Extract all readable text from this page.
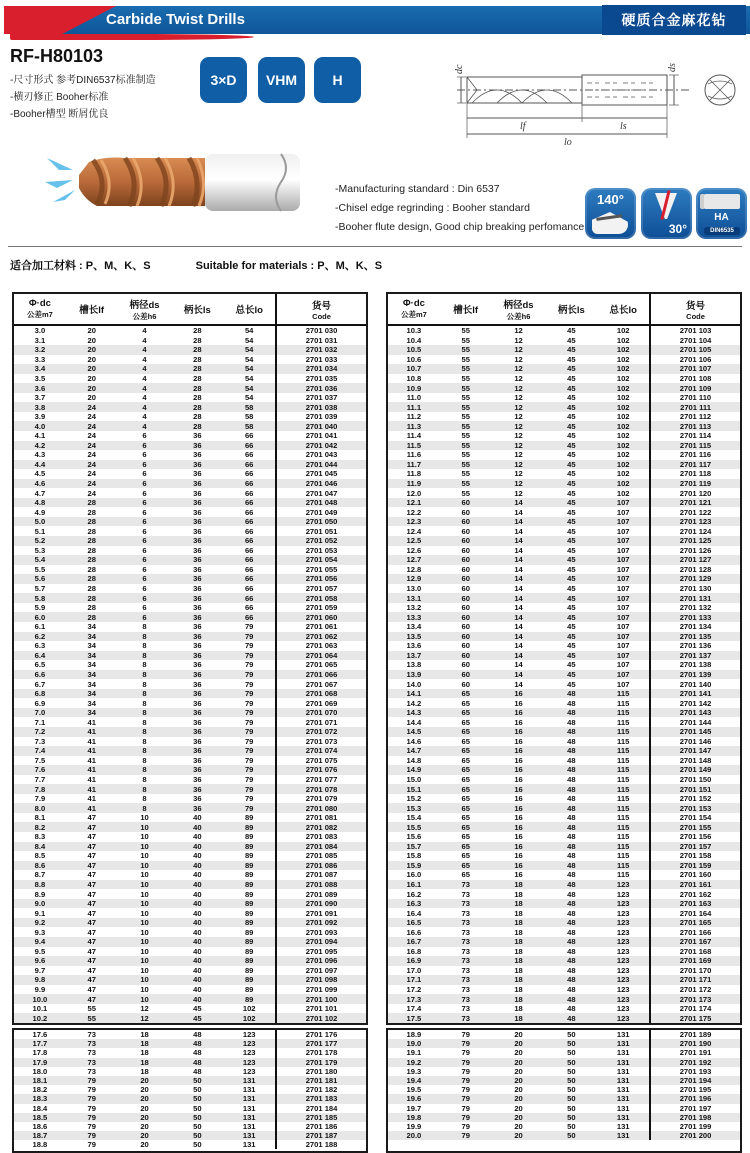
Carbide Twist Drills	硬质合金麻花钻
RF-H80103
-尺寸形式 参考DIN6537标准制造
-横刃修正 Booher标准
-Booher槽型 断屑优良
3×D	VHM	H
dc	ds
lf	ls
lo
-Manufacturing standard : Din 6537
-Chisel edge regrinding : Booher standard
-Booher flute design, Good chip breaking perfomance
140°
30°
HA
DIN6535
适合加工材料 : P、M、K、S	Suitable for materials : P、M、K、S
Φ·dc
公差m7	槽长lf	柄径ds
公差h6	柄长ls	总长lo	货号
Code
3.0	20	4	28	54	2701 030
3.1	20	4	28	54	2701 031
3.2	20	4	28	54	2701 032
3.3	20	4	28	54	2701 033
3.4	20	4	28	54	2701 034
3.5	20	4	28	54	2701 035
3.6	20	4	28	54	2701 036
3.7	20	4	28	54	2701 037
3.8	24	4	28	58	2701 038
3.9	24	4	28	58	2701 039
4.0	24	4	28	58	2701 040
4.1	24	6	36	66	2701 041
4.2	24	6	36	66	2701 042
4.3	24	6	36	66	2701 043
4.4	24	6	36	66	2701 044
4.5	24	6	36	66	2701 045
4.6	24	6	36	66	2701 046
4.7	24	6	36	66	2701 047
4.8	28	6	36	66	2701 048
4.9	28	6	36	66	2701 049
5.0	28	6	36	66	2701 050
5.1	28	6	36	66	2701 051
5.2	28	6	36	66	2701 052
5.3	28	6	36	66	2701 053
5.4	28	6	36	66	2701 054
5.5	28	6	36	66	2701 055
5.6	28	6	36	66	2701 056
5.7	28	6	36	66	2701 057
5.8	28	6	36	66	2701 058
5.9	28	6	36	66	2701 059
6.0	28	6	36	66	2701 060
6.1	34	8	36	79	2701 061
6.2	34	8	36	79	2701 062
6.3	34	8	36	79	2701 063
6.4	34	8	36	79	2701 064
6.5	34	8	36	79	2701 065
6.6	34	8	36	79	2701 066
6.7	34	8	36	79	2701 067
6.8	34	8	36	79	2701 068
6.9	34	8	36	79	2701 069
7.0	34	8	36	79	2701 070
7.1	41	8	36	79	2701 071
7.2	41	8	36	79	2701 072
7.3	41	8	36	79	2701 073
7.4	41	8	36	79	2701 074
7.5	41	8	36	79	2701 075
7.6	41	8	36	79	2701 076
7.7	41	8	36	79	2701 077
7.8	41	8	36	79	2701 078
7.9	41	8	36	79	2701 079
8.0	41	8	36	79	2701 080
8.1	47	10	40	89	2701 081
8.2	47	10	40	89	2701 082
8.3	47	10	40	89	2701 083
8.4	47	10	40	89	2701 084
8.5	47	10	40	89	2701 085
8.6	47	10	40	89	2701 086
8.7	47	10	40	89	2701 087
8.8	47	10	40	89	2701 088
8.9	47	10	40	89	2701 089
9.0	47	10	40	89	2701 090
9.1	47	10	40	89	2701 091
9.2	47	10	40	89	2701 092
9.3	47	10	40	89	2701 093
9.4	47	10	40	89	2701 094
9.5	47	10	40	89	2701 095
9.6	47	10	40	89	2701 096
9.7	47	10	40	89	2701 097
9.8	47	10	40	89	2701 098
9.9	47	10	40	89	2701 099
10.0	47	10	40	89	2701 100
10.1	55	12	45	102	2701 101
10.2	55	12	45	102	2701 102
Φ·dc
公差m7	槽长lf	柄径ds
公差h6	柄长ls	总长lo	货号
Code
10.3	55	12	45	102	2701 103
10.4	55	12	45	102	2701 104
10.5	55	12	45	102	2701 105
10.6	55	12	45	102	2701 106
10.7	55	12	45	102	2701 107
10.8	55	12	45	102	2701 108
10.9	55	12	45	102	2701 109
11.0	55	12	45	102	2701 110
11.1	55	12	45	102	2701 111
11.2	55	12	45	102	2701 112
11.3	55	12	45	102	2701 113
11.4	55	12	45	102	2701 114
11.5	55	12	45	102	2701 115
11.6	55	12	45	102	2701 116
11.7	55	12	45	102	2701 117
11.8	55	12	45	102	2701 118
11.9	55	12	45	102	2701 119
12.0	55	12	45	102	2701 120
12.1	60	14	45	107	2701 121
12.2	60	14	45	107	2701 122
12.3	60	14	45	107	2701 123
12.4	60	14	45	107	2701 124
12.5	60	14	45	107	2701 125
12.6	60	14	45	107	2701 126
12.7	60	14	45	107	2701 127
12.8	60	14	45	107	2701 128
12.9	60	14	45	107	2701 129
13.0	60	14	45	107	2701 130
13.1	60	14	45	107	2701 131
13.2	60	14	45	107	2701 132
13.3	60	14	45	107	2701 133
13.4	60	14	45	107	2701 134
13.5	60	14	45	107	2701 135
13.6	60	14	45	107	2701 136
13.7	60	14	45	107	2701 137
13.8	60	14	45	107	2701 138
13.9	60	14	45	107	2701 139
14.0	60	14	45	107	2701 140
14.1	65	16	48	115	2701 141
14.2	65	16	48	115	2701 142
14.3	65	16	48	115	2701 143
14.4	65	16	48	115	2701 144
14.5	65	16	48	115	2701 145
14.6	65	16	48	115	2701 146
14.7	65	16	48	115	2701 147
14.8	65	16	48	115	2701 148
14.9	65	16	48	115	2701 149
15.0	65	16	48	115	2701 150
15.1	65	16	48	115	2701 151
15.2	65	16	48	115	2701 152
15.3	65	16	48	115	2701 153
15.4	65	16	48	115	2701 154
15.5	65	16	48	115	2701 155
15.6	65	16	48	115	2701 156
15.7	65	16	48	115	2701 157
15.8	65	16	48	115	2701 158
15.9	65	16	48	115	2701 159
16.0	65	16	48	115	2701 160
16.1	73	18	48	123	2701 161
16.2	73	18	48	123	2701 162
16.3	73	18	48	123	2701 163
16.4	73	18	48	123	2701 164
16.5	73	18	48	123	2701 165
16.6	73	18	48	123	2701 166
16.7	73	18	48	123	2701 167
16.8	73	18	48	123	2701 168
16.9	73	18	48	123	2701 169
17.0	73	18	48	123	2701 170
17.1	73	18	48	123	2701 171
17.2	73	18	48	123	2701 172
17.3	73	18	48	123	2701 173
17.4	73	18	48	123	2701 174
17.5	73	18	48	123	2701 175
17.6	73	18	48	123	2701 176
17.7	73	18	48	123	2701 177
17.8	73	18	48	123	2701 178
17.9	73	18	48	123	2701 179
18.0	73	18	48	123	2701 180
18.1	79	20	50	131	2701 181
18.2	79	20	50	131	2701 182
18.3	79	20	50	131	2701 183
18.4	79	20	50	131	2701 184
18.5	79	20	50	131	2701 185
18.6	79	20	50	131	2701 186
18.7	79	20	50	131	2701 187
18.8	79	20	50	131	2701 188
18.9	79	20	50	131	2701 189
19.0	79	20	50	131	2701 190
19.1	79	20	50	131	2701 191
19.2	79	20	50	131	2701 192
19.3	79	20	50	131	2701 193
19.4	79	20	50	131	2701 194
19.5	79	20	50	131	2701 195
19.6	79	20	50	131	2701 196
19.7	79	20	50	131	2701 197
19.8	79	20	50	131	2701 198
19.9	79	20	50	131	2701 199
20.0	79	20	50	131	2701 200
